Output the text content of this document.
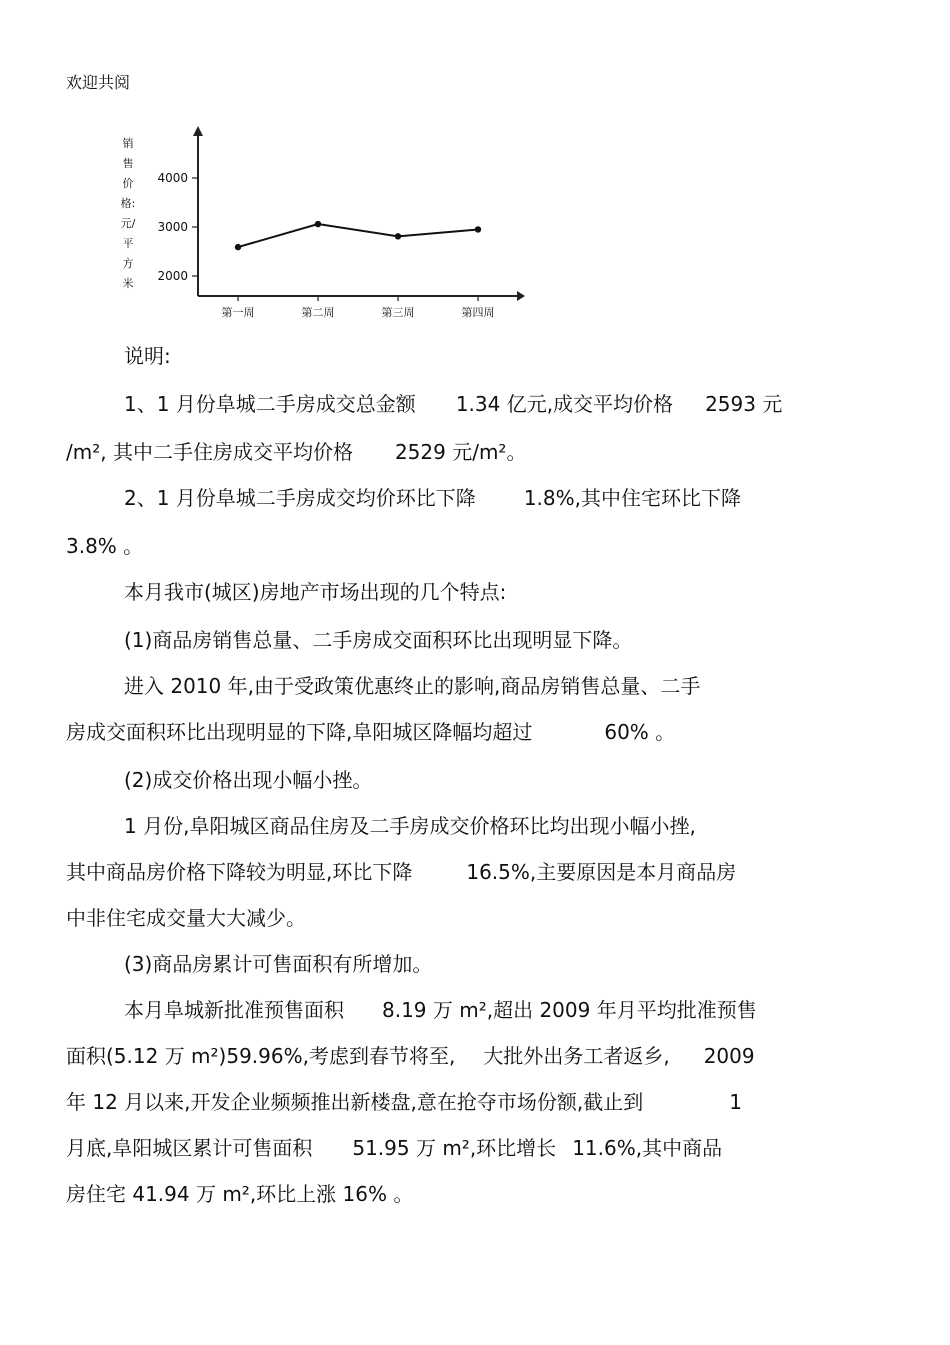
欢迎共阅
销售价格:元/平方米
4000
3000
2000
第一周	第二周	第三周	第四周
说明:
1、1 月份阜城二手房成交总金额 1.34 亿元,成交平均价格 2593 元
/m², 其中二手住房成交平均价格 2529 元/m²。
2、1 月份阜城二手房成交均价环比下降 1.8%,其中住宅环比下降
3.8% 。
本月我市(城区)房地产市场出现的几个特点:
(1)商品房销售总量、二手房成交面积环比出现明显下降。
进入 2010 年,由于受政策优惠终止的影响,商品房销售总量、二手
房成交面积环比出现明显的下降,阜阳城区降幅均超过	60% 。
(2)成交价格出现小幅小挫。
1 月份,阜阳城区商品住房及二手房成交价格环比均出现小幅小挫,
其中商品房价格下降较为明显,环比下降	16.5%,主要原因是本月商品房
中非住宅成交量大大减少。
(3)商品房累计可售面积有所增加。
本月阜城新批准预售面积 8.19 万 m²,超出 2009 年月平均批准预售
面积(5.12 万 m²)59.96%,考虑到春节将至, 大批外出务工者返乡, 2009
年 12 月以来,开发企业频频推出新楼盘,意在抢夺市场份额,截止到	1
月底,阜阳城区累计可售面积 51.95 万 m²,环比增长 11.6%,其中商品
房住宅 41.94 万 m²,环比上涨 16% 。
